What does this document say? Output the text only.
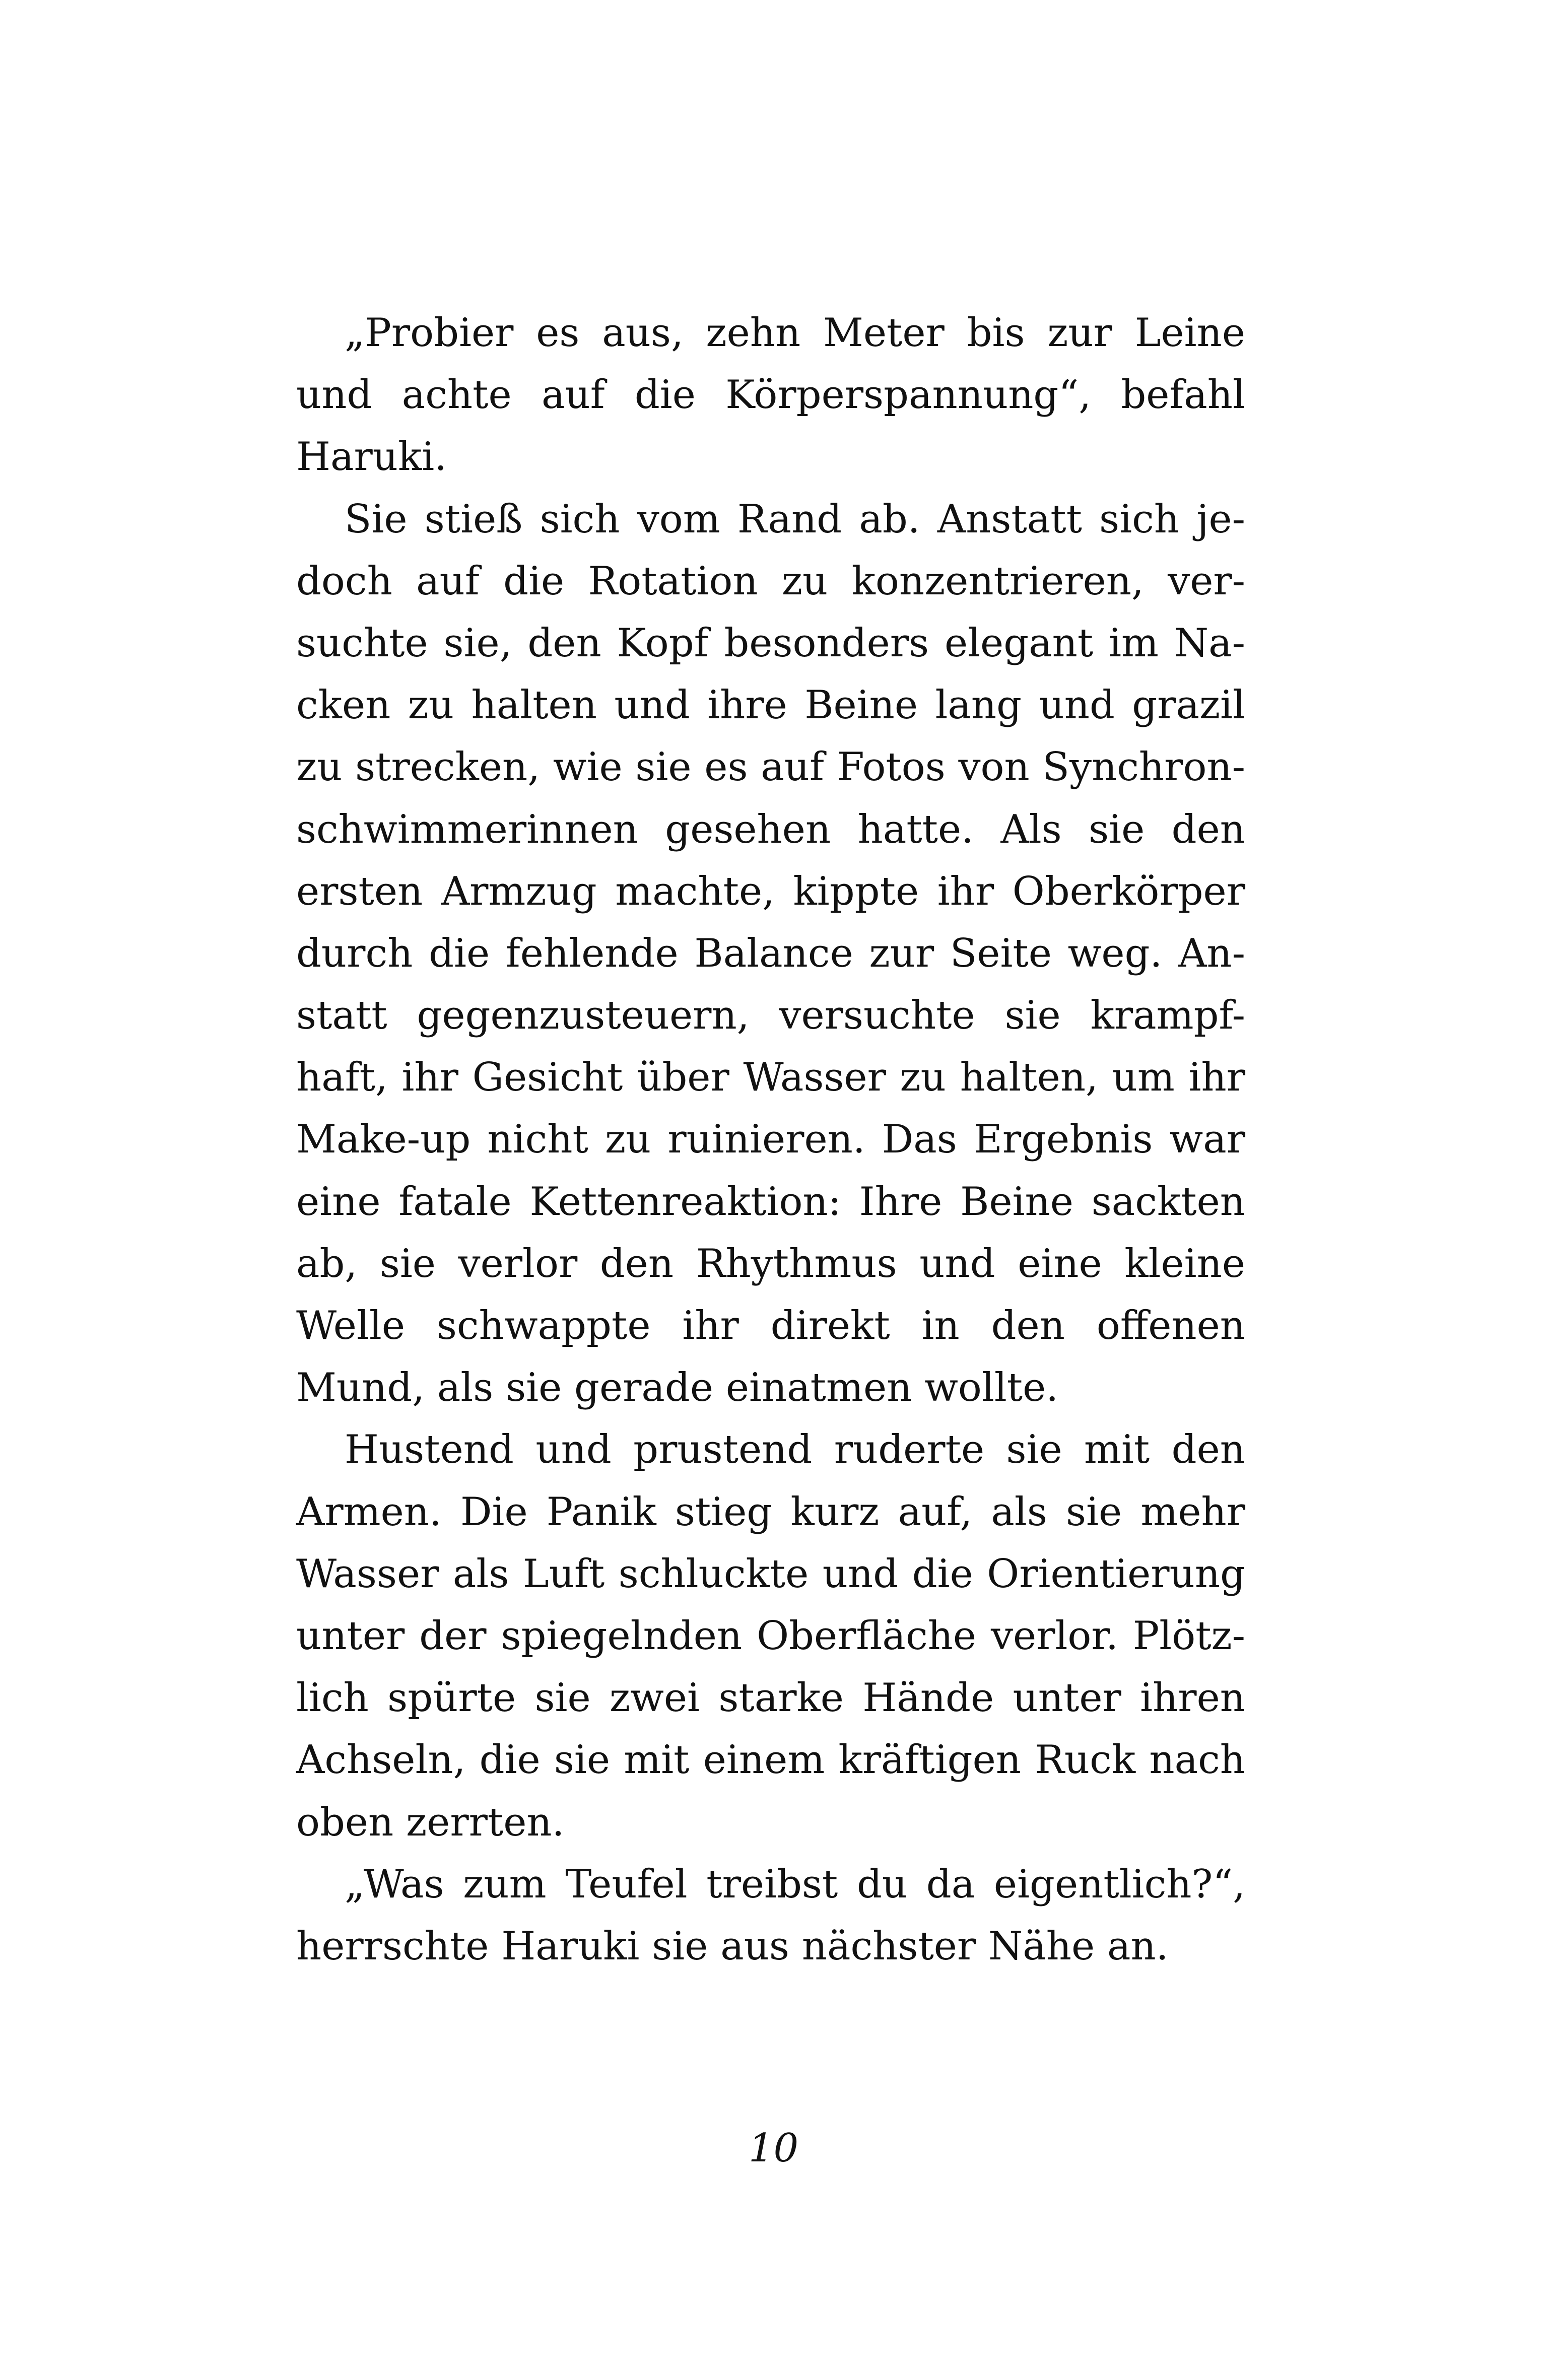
„Probier es aus, zehn Meter bis zur Leine
und achte auf die Körperspannung“, befahl
Haruki.
Sie stieß sich vom Rand ab. Anstatt sich je-
doch auf die Rotation zu konzentrieren, ver-
suchte sie, den Kopf besonders elegant im Na-
cken zu halten und ihre Beine lang und grazil
zu strecken, wie sie es auf Fotos von Synchron-
schwimmerinnen gesehen hatte. Als sie den
ersten Armzug machte, kippte ihr Oberkörper
durch die fehlende Balance zur Seite weg. An-
statt gegenzusteuern, versuchte sie krampf-
haft, ihr Gesicht über Wasser zu halten, um ihr
Make-up nicht zu ruinieren. Das Ergebnis war
eine fatale Kettenreaktion: Ihre Beine sackten
ab, sie verlor den Rhythmus und eine kleine
Welle schwappte ihr direkt in den offenen
Mund, als sie gerade einatmen wollte.
Hustend und prustend ruderte sie mit den
Armen. Die Panik stieg kurz auf, als sie mehr
Wasser als Luft schluckte und die Orientierung
unter der spiegelnden Oberfläche verlor. Plötz-
lich spürte sie zwei starke Hände unter ihren
Achseln, die sie mit einem kräftigen Ruck nach
oben zerrten.
„Was zum Teufel treibst du da eigentlich?“,
herrschte Haruki sie aus nächster Nähe an.
10
